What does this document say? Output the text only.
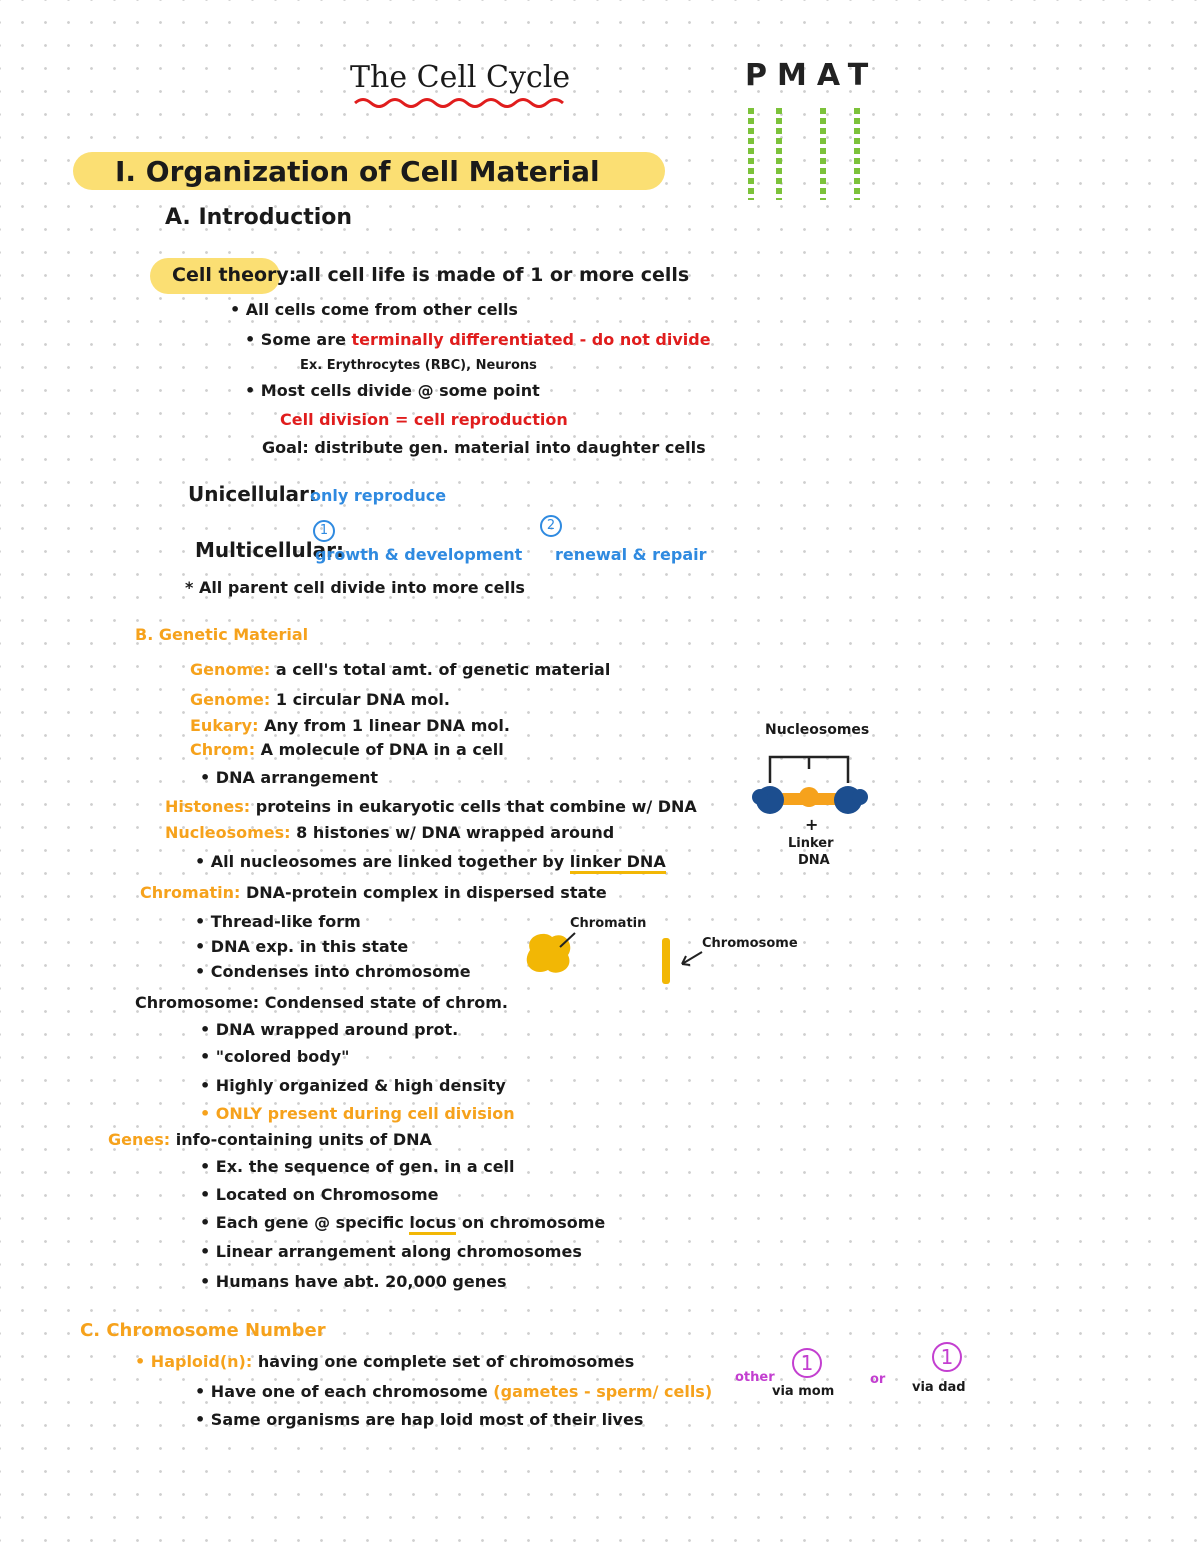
The Cell Cycle	PMAT
I. Organization of Cell Material
A. Introduction
Cell theory:
all cell life is made of 1 or more cells
• All cells come from other cells
• Some are terminally differentiated - do not divide
Ex. Erythrocytes (RBC), Neurons
• Most cells divide @ some point
Cell division = cell reproduction
Goal: distribute gen. material into daughter cells
Unicellular:
only reproduce
Multicellular:
1
growth & development
2
renewal & repair
* All parent cell divide into more cells
B. Genetic Material
Genome: a cell's total amt. of genetic material
Genome: 1 circular DNA mol.
Eukary: Any from 1 linear DNA mol.
Chrom: A molecule of DNA in a cell
• DNA arrangement
Histones: proteins in eukaryotic cells that combine w/ DNA
Nucleosomes: 8 histones w/ DNA wrapped around
• All nucleosomes are linked together by linker DNA
Nucleosomes
+
Linker
DNA
Chromatin: DNA-protein complex in dispersed state
• Thread-like form
• DNA exp. in this state
• Condenses into chromosome
Chromatin
Chromosome
Chromosome: Condensed state of chrom.
• DNA wrapped around prot.
• "colored body"
• Highly organized & high density
• ONLY present during cell division
Genes: info-containing units of DNA
• Ex. the sequence of gen. in a cell
• Located on Chromosome
• Each gene @ specific locus on chromosome
• Linear arrangement along chromosomes
• Humans have abt. 20,000 genes
C. Chromosome Number
• Haploid(n): having one complete set of chromosomes
• Have one of each chromosome (gametes - sperm/ cells)
other
1
or
1
via mom	via dad
• Same organisms are hap loid most of their lives
